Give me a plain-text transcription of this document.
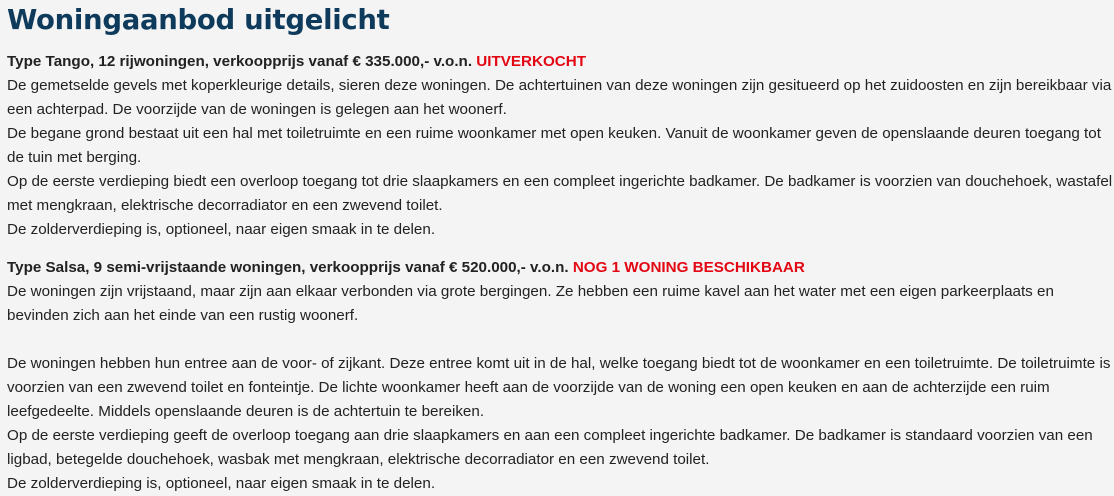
Woningaanbod uitgelicht

Type Tango, 12 rijwoningen, verkoopprijs vanaf € 335.000,- v.o.n. UITVERKOCHT

De gemetselde gevels met koperkleurige details, sieren deze woningen. De achtertuinen van deze woningen zijn gesitueerd op het zuidoosten en zijn bereikbaar via een achterpad. De voorzijde van de woningen is gelegen aan het woonerf.

De begane grond bestaat uit een hal met toiletruimte en een ruime woonkamer met open keuken. Vanuit de woonkamer geven de openslaande deuren toegang tot de tuin met berging.

Op de eerste verdieping biedt een overloop toegang tot drie slaapkamers en een compleet ingerichte badkamer. De badkamer is voorzien van douchehoek, wastafel met mengkraan, elektrische decorradiator en een zwevend toilet.

De zolderverdieping is, optioneel, naar eigen smaak in te delen.

Type Salsa, 9 semi-vrijstaande woningen, verkoopprijs vanaf € 520.000,- v.o.n. NOG 1 WONING BESCHIKBAAR

De woningen zijn vrijstaand, maar zijn aan elkaar verbonden via grote bergingen. Ze hebben een ruime kavel aan het water met een eigen parkeerplaats en bevinden zich aan het einde van een rustig woonerf.

De woningen hebben hun entree aan de voor- of zijkant. Deze entree komt uit in de hal, welke toegang biedt tot de woonkamer en een toiletruimte. De toiletruimte is voorzien van een zwevend toilet en fonteintje. De lichte woonkamer heeft aan de voorzijde van de woning een open keuken en aan de achterzijde een ruim leefgedeelte. Middels openslaande deuren is de achtertuin te bereiken.

Op de eerste verdieping geeft de overloop toegang aan drie slaapkamers en aan een compleet ingerichte badkamer. De badkamer is standaard voorzien van een ligbad, betegelde douchehoek, wasbak met mengkraan, elektrische decorradiator en een zwevend toilet.

De zolderverdieping is, optioneel, naar eigen smaak in te delen.
